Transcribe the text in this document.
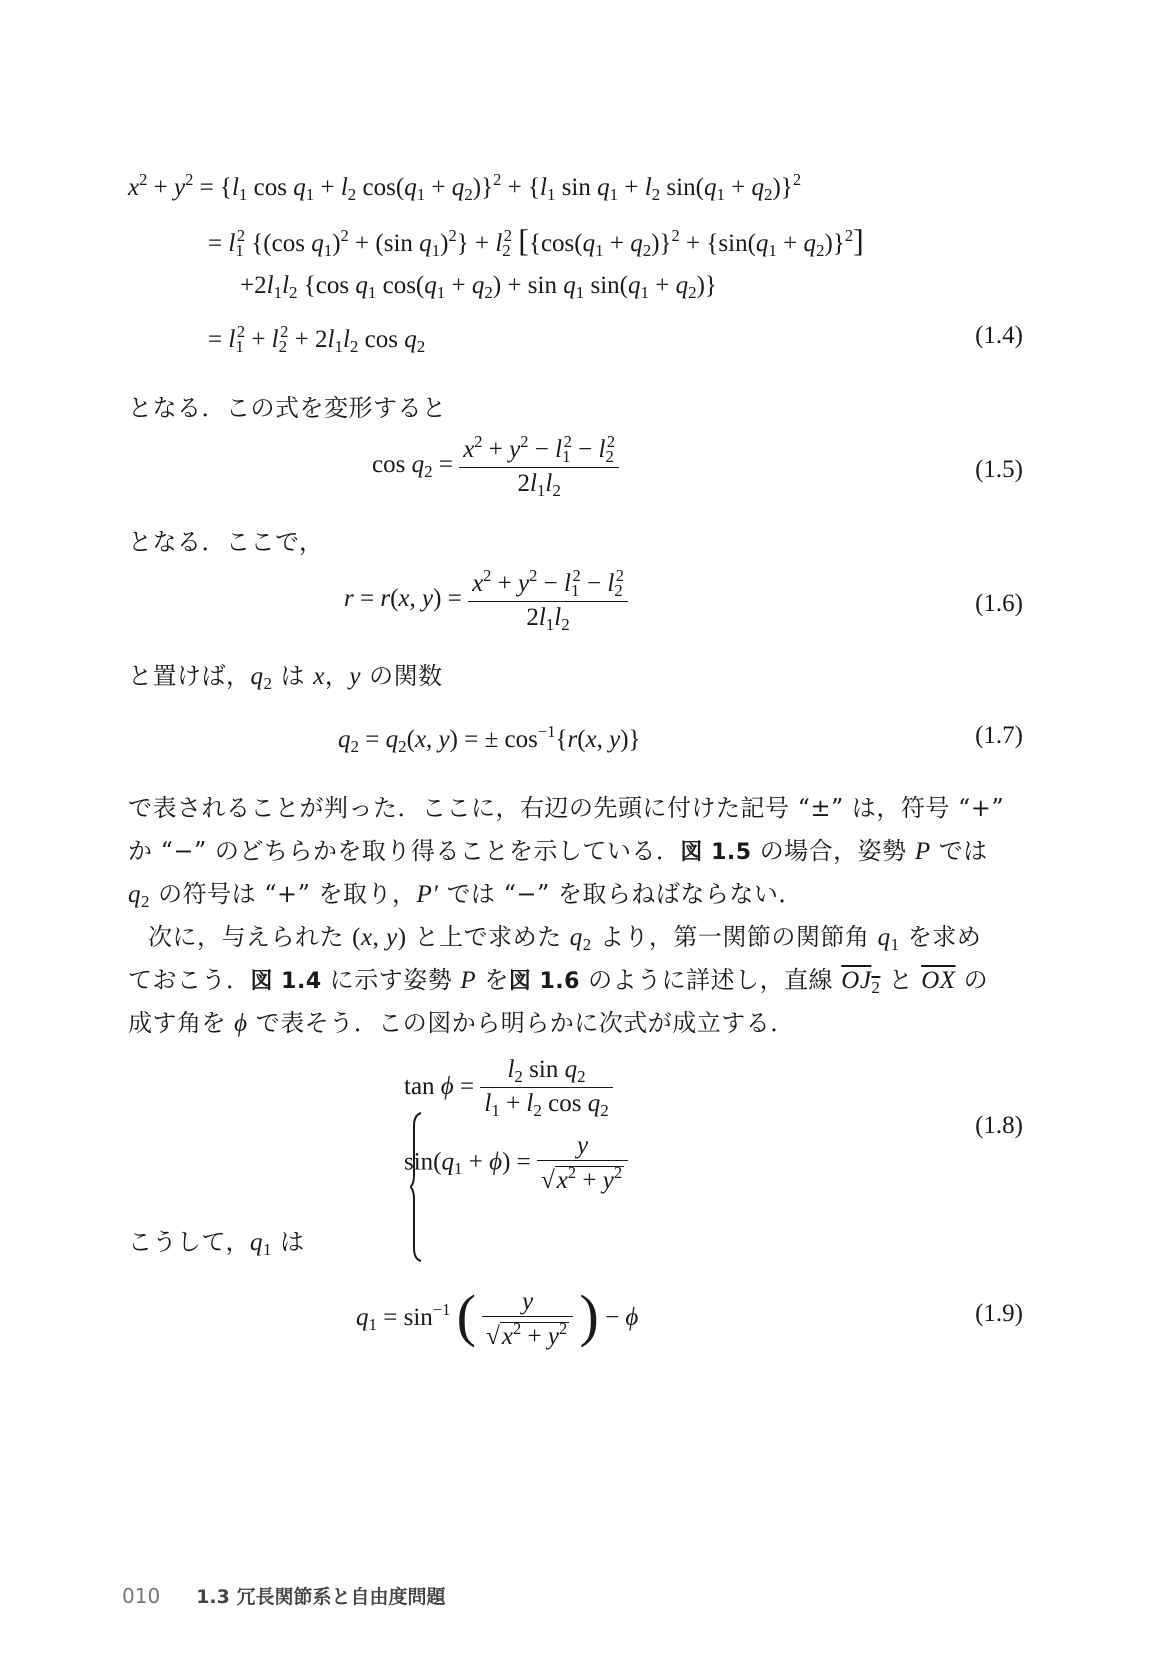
$x^2 + y^2 = \{l_1$ $\cos q_1 + l_2$ $\cos(q_1 + q_2)\}^2 + \{l_1$ $\sin q_1 + l_2$ $\sin(q_1 + q_2)\}^2$
= $l_1^2$ {(cos $q_1)^2 + (\sin$ $q_1)^2\} + l_2^2$ $[\{\cos(q_1 + q_2)\}^2 + \{\sin(q_1 + q_2)\}^2]$
$+2l_1l_2$ {cos $q_1$ $\cos(q_1 + q_2) + \sin q_1$ $\sin(q_1 + q_2)$}
= $l_1^2 + l_2^2 + 2l_1l_2$ $\cos q_2$	(1.4)
となる．この式を変形すると
$\cos q_2 = \frac{x^2 + y^2 - l_1^2 - l_2^2}{2l_1l_2}$	(1.5)
となる．ここで，
r = r(x, $y) = \frac{x^2 + y^2 - l_1^2 - l_2^2}{2l_1l_2}$	(1.6)
と置けば，$q_2$ は x，y の関数
$q_2 = q_2(x$, y) = ± $\cos^{-1}\{r(x$, y)}	(1.7)
で表されることが判った．ここに，右辺の先頭に付けた記号 “±” は，符号 “+”
か “−” のどちらかを取り得ることを示している．図 1.5 の場合，姿勢 P では
$q_2$ の符号は “+” を取り，P′ では “−” を取らねばならない．
次に，与えられた (x, y) と上で求めた $q_2$ より，第一関節の関節角 $q_1$ を求め
ておこう．図 1.4 に示す姿勢 P を図 1.6 のように詳述し，直線 $OJ_2$ と $\overline{OX}$ の
成す角を ϕ で表そう．この図から明らかに次式が成立する．
$\tan \phi = \frac{l_2 \sin q_2}{l_1 + l_2 \cos q_2}$
$\sin(q_1 + \phi) = \frac{y}{√x^2 + y^2}$
(1.8)
こうして，$q_1$ は
$q_1 = \sin^{-1}$ ( $\frac{y}{√x^2 + y^2}$ ) − ϕ	(1.9)
010 1.3 冗長関節系と自由度問題
